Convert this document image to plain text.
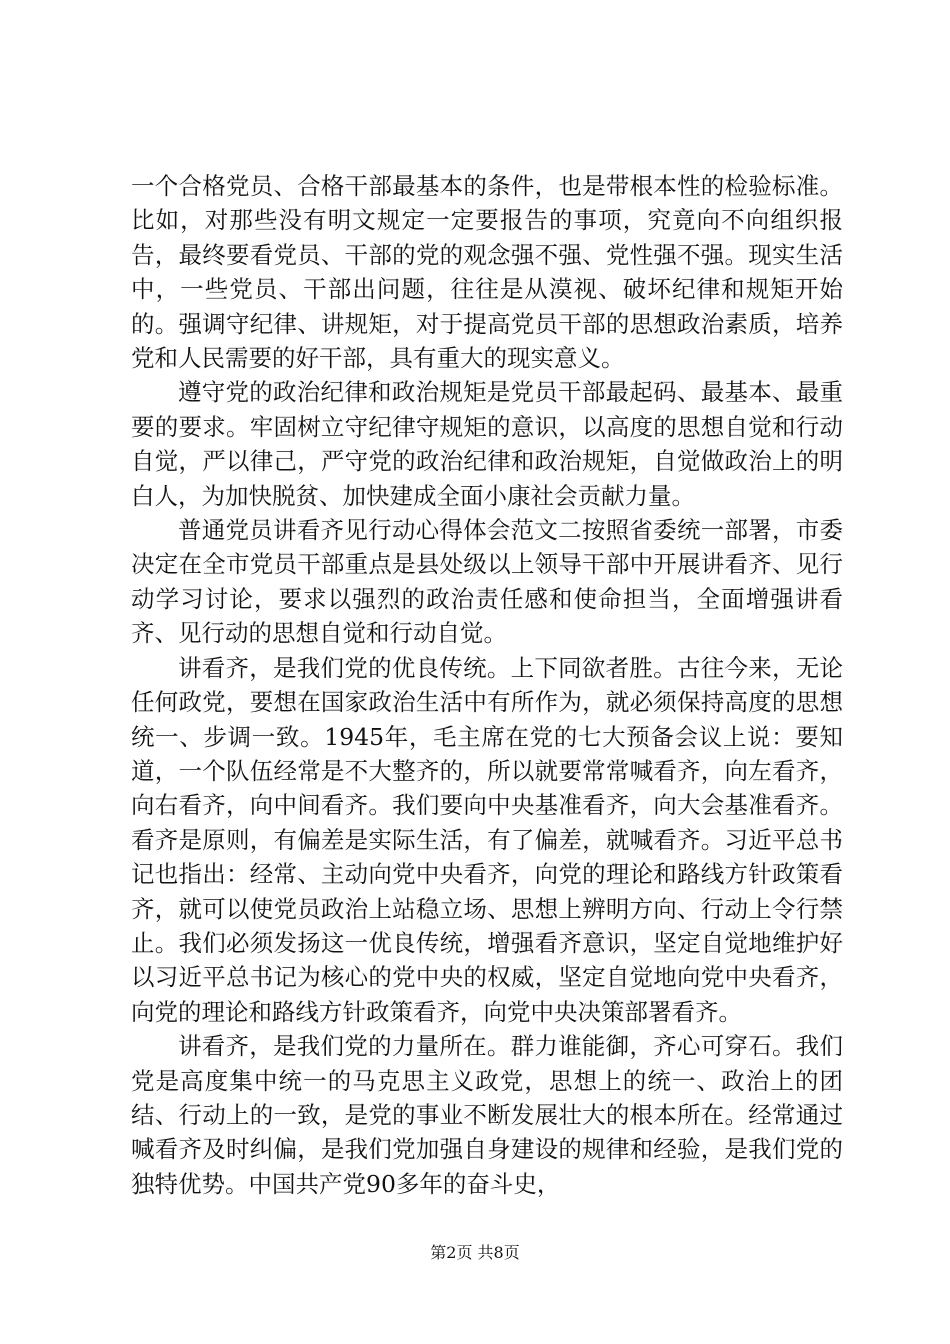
一个合格党员、合格干部最基本的条件，也是带根本性的检验标准。比如，对那些没有明文规定一定要报告的事项，究竟向不向组织报告，最终要看党员、干部的党的观念强不强、党性强不强。现实生活中，一些党员、干部出问题，往往是从漠视、破坏纪律和规矩开始的。强调守纪律、讲规矩，对于提高党员干部的思想政治素质，培养党和人民需要的好干部，具有重大的现实意义。

遵守党的政治纪律和政治规矩是党员干部最起码、最基本、最重要的要求。牢固树立守纪律守规矩的意识，以高度的思想自觉和行动自觉，严以律己，严守党的政治纪律和政治规矩，自觉做政治上的明白人，为加快脱贫、加快建成全面小康社会贡献力量。

普通党员讲看齐见行动心得体会范文二按照省委统一部署，市委决定在全市党员干部重点是县处级以上领导干部中开展讲看齐、见行动学习讨论，要求以强烈的政治责任感和使命担当，全面增强讲看齐、见行动的思想自觉和行动自觉。

讲看齐，是我们党的优良传统。上下同欲者胜。古往今来，无论任何政党，要想在国家政治生活中有所作为，就必须保持高度的思想统一、步调一致。1945年，毛主席在党的七大预备会议上说：要知道，一个队伍经常是不大整齐的，所以就要常常喊看齐，向左看齐，向右看齐，向中间看齐。我们要向中央基准看齐，向大会基准看齐。看齐是原则，有偏差是实际生活，有了偏差，就喊看齐。习近平总书记也指出：经常、主动向党中央看齐，向党的理论和路线方针政策看齐，就可以使党员政治上站稳立场、思想上辨明方向、行动上令行禁止。我们必须发扬这一优良传统，增强看齐意识，坚定自觉地维护好以习近平总书记为核心的党中央的权威，坚定自觉地向党中央看齐，向党的理论和路线方针政策看齐，向党中央决策部署看齐。

讲看齐，是我们党的力量所在。群力谁能御，齐心可穿石。我们党是高度集中统一的马克思主义政党，思想上的统一、政治上的团结、行动上的一致，是党的事业不断发展壮大的根本所在。经常通过喊看齐及时纠偏，是我们党加强自身建设的规律和经验，是我们党的独特优势。中国共产党90多年的奋斗史，

第2页 共8页
